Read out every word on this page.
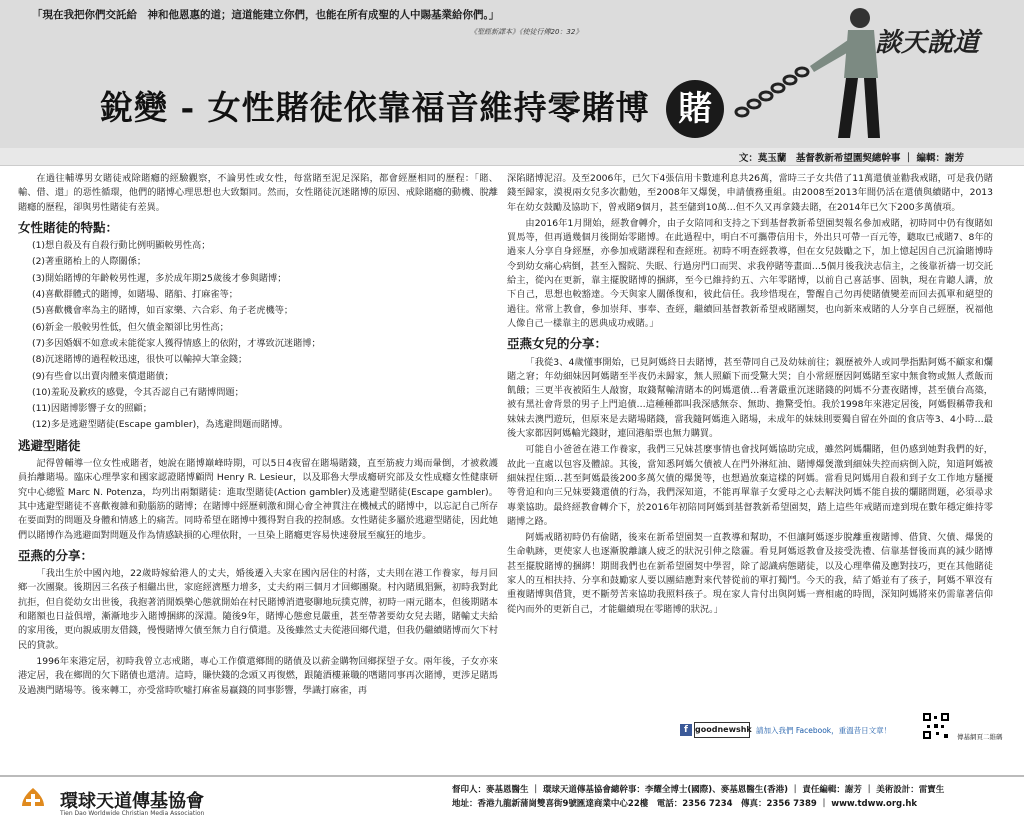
「現在我把你們交託給　神和他恩惠的道；這道能建立你們，也能在所有成聖的人中賜基業給你們。」
《聖經新譯本》《使徒行傳20：32》
銳變 - 女性賭徒依靠福音維持零賭博 賭
談天說道
文：莫玉蘭　基督教新希望園契總幹事 ｜ 編輯：謝芳

在過往輔導男女賭徒戒除賭癮的經驗觀察，不論男性或女性，每當賭至泥足深陷，都會經歷相同的歷程：「賭、輸、借、還」的惡性循環，他們的賭博心理思想也大致類同。然而，女性賭徒沉迷賭博的原因、戒除賭癮的動機、脫離賭癮的歷程，卻與男性賭徒有差異。

女性賭徒的特點：
(1)想自殺及有自殺行動比例明顯較男性高；
(2)著重賭枱上的人際關係；
(3)開始賭博的年齡較男性遲，多於成年期25歲後才參與賭博；
(4)喜歡群體式的賭博，如賭場、賭船、打麻雀等；
(5)喜歡機會率為主的賭博，如百家樂、六合彩、角子老虎機等；
(6)新金一般較男性低，但欠債金額卻比男性高；
(7)多因婚姻不如意或未能從家人獲得情感上的依附，才導致沉迷賭博；
(8)沉迷賭博的過程較迅速，很快可以輸掉大筆金錢；
(9)有些會以出賣肉體來償還賭債；
(10)羞恥及歉疚的感覺，令其否認自己有賭博問題；
(11)因賭博影響子女的照顧；
(12)多是逃避型賭徒(Escape gambler)，為逃避問題而賭博。
逃避型賭徒

記得曾輔導一位女性戒賭者，她說在賭博巔峰時期，可以5日4夜留在賭場賭錢，直至筋疲力竭而暈倒，才被救護員抬離賭場。臨床心理學家和國家認證賭博顧問 Henry R. Lesieur，以及耶魯大學成癮研究部及女性成癮女性健康研究中心總監 Marc N. Potenza，均列出兩類賭徒：進取型賭徒(Action gambler)及逃避型賭徒(Escape gambler)。其中逃避型賭徒不喜歡複雜和動腦筋的賭博；在賭博中經歷刺激和開心會全神貫注在機械式的賭博中，以忘記自己所存在要面對的問題及身體和情感上的痛苦。同時希望在賭博中獲得對自我的控制感。女性賭徒多屬於逃避型賭徒，因此她們以賭博作為逃避面對問題及作為情感缺損的心理依附，一旦染上賭癮更容易快速發展至瘋狂的地步。

亞燕的分享：

「我出生於中國內地，22歲時嫁給港人的丈夫，婚後遷入夫家在國內居住的村落，丈夫則在港工作養家，每月回鄉一次團聚。後期因三名孩子相繼出世，家庭經濟壓力增多，丈夫約兩三個月才回鄉團聚。村內賭風猖獗，初時我對此抗拒，但自從幼女出世後，我抱著消閒娛樂心態就開始在村民賭博消遣娶聊地玩撲克牌，初時一兩元賭本，但後期賭本和賭額也日益俱增，漸漸地步入賭博捆綁的深淵。隨後9年，賭博心態愈見嚴重，甚至帶著要幼女兒去賭，賭輸丈夫給的家用後，更向親戚朋友借錢，慢慢賭博欠債至無力自行償還。及後雖然丈夫從港回鄉代還，但我仍繼續賭博而欠下村民的貸款。

1996年來港定居，初時我曾立志戒賭，專心工作償還鄉間的賭債及以薪金購物回鄉探望子女。兩年後，子女亦來港定居，我在鄉間的欠下賭債也還清。這時，賺快錢的念頭又再復燃，跟隨酒樓兼職的嗜賭同事再次賭博，更涉足賭馬及過澳門賭場等。後來轉工，亦受當時吹噓打麻雀易贏錢的同事影響，學識打麻雀，再

深陷賭博泥沼。及至2006年，已欠下4張信用卡數連利息共26萬，當時三子女共借了11萬還債並勸我戒賭，可是我仍賭錢至歸家，漠視兩女兒多次勸勉，至2008年又爆煲，申請債務重組。由2008至2013年間仍活在還債與續賭中，2013年在幼女鼓勵及協助下，曾戒賭9個月，甚至儲到10萬…但不久又再拿錢去賭，在2014年已欠下200多萬債項。

由2016年1月開始，經教會轉介，由子女陪同和支持之下到基督教新希望園契報名參加戒賭，初時同中仍有復賭如買馬等，但再過幾個月後開始零賭博。在此過程中，明白不可攜帶信用卡，外出只可帶一百元等，聽取已戒賭7、8年的過來人分享自身經歷，亦參加戒賭課程和查經班。初時不明查經教導，但在女兒鼓勵之下，加上憶起因自己沉淪賭博時令到幼女痛心病倒，甚至入醫院、失眠、行過房門口而哭、求我停賭等畫面…5個月後我決志信主，之後靠祈禱一切交託給主，從內在更新，靠主擺脫賭博的捆綁，至今已維持約五、六年零賭博，以前自己喜話事、固執，現在肯聽人講，放下自己，思想也較豁達。今天與家人關係復和，彼此信任。我珍惜現在，警醒自己勿再使賭債變差而回去孤單和絕望的過往。常常上教會，參加崇拜、事奉、查經，繼續回基督教新希望戒賭團契，也向新來戒賭的人分享自己經歷，祝福他人像自己一樣靠主的恩典成功戒賭。」

亞燕女兒的分享：

「我從3、4歲懂事開始，已見阿媽終日去賭博，甚至帶同自己及幼妹前往；親歷被外人或同學指點阿媽不顧家和爛賭之窘；年幼細妹因阿媽賭至半夜仍未歸家，無人照顧下而受驚大哭；自小常經歷因阿媽賭至家中無食物或無人煮飯而飢餓；三更半夜被陌生人敲窗，取錢幫輸清賭本的阿媽還債…看著嚴重沉迷賭錢的阿媽不分晝夜賭博，甚至債台高築，被有黑社會背景的男子上門追債…這種種都叫我深感無奈、無助、擔驚受怕。我於1998年來港定居後，阿媽假稱帶我和妹妹去澳門遊玩，但原來是去賭場賭錢，當我隨阿媽進入賭場，未成年的妹妹則要獨自留在外面的食店等3、4小時…最後大家都因阿媽輸光錢財，連回港船票也無力購買。

可能自小爸爸在港工作養家，我們三兄妹甚麼事情也會找阿媽協助完成，雖然阿媽爛賭，但仍感到她對我們的好，故此一直處以包容及體諒。其後，當知悉阿媽欠債被人在門外淋紅油、賭博爆煲激到細妹失控而病倒入院，知道阿媽被細妹捏住頸…甚至阿媽最後200多萬欠債的爆煲等，也想過放棄這樣的阿媽。當看見阿媽用自殺和到子女工作地方騷擾等脅迫和向三兄妹要錢還債的行為，我們深知道，不能再單靠子女愛母之心去解決阿媽不能自拔的爛賭問題，必須尋求專業協助。最終經教會轉介下，於2016年初陪同阿媽到基督教新希望園契，踏上這些年戒賭而達到現在數年穩定維持零賭博之路。

阿媽戒賭初時仍有偷賭，後來在新希望園契一直教導和幫助，不但讓阿媽逐步脫離重複賭博、借貸、欠債、爆煲的生命軌跡，更使家人也逐漸脫離讓人疲乏的狀況引伸之陰霾。看見阿媽返教會及接受洗禮、信靠基督後而真的減少賭博甚至擺脫賭博的捆綁！期間我們也在新希望園契中學習，除了認識病態賭徒，以及心理準備及應對技巧，更在其他賭徒家人的互相扶持、分享和鼓勵家人要以團結應對來代替從前的單打獨鬥。今天的我，結了婚並有了孩子，阿媽不單沒有重複賭博與借貸，更不斷勞苦來協助我照料孩子。現在家人肯付出與阿媽一齊相處的時間，深知阿媽將來仍需靠著信仰從內而外的更新自己，才能繼續現在零賭博的狀況。」

f goodnewshk 請加入我們 Facebook，重溫昔日文章！
傳基網頁二維碼
環球天道傳基協會
Tien Dao Worldwide Christian Media Association
督印人：麥基恩醫生 ｜ 環球天道傳基協會總幹事：李耀全博士(國際)、麥基恩醫生(香港) ｜ 責任編輯：謝芳 ｜ 美術設計：雷寶生
地址：香港九龍新蒲崗雙喜街9號匯達商業中心22樓　電話：2356 7234　傳真：2356 7389 ｜ www.tdww.org.hk
